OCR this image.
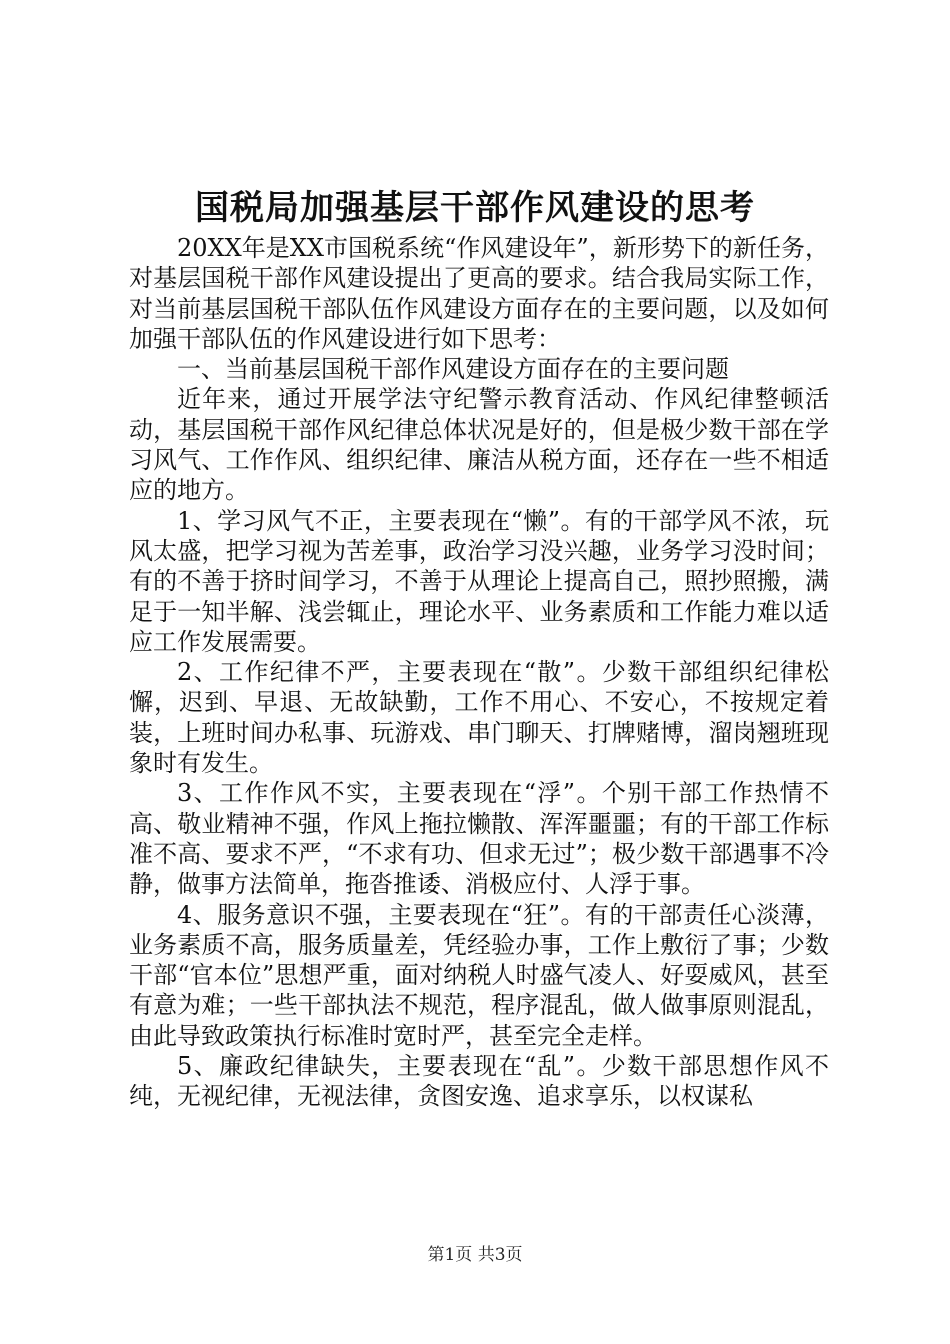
国税局加强基层干部作风建设的思考

20XX年是XX市国税系统“作风建设年”，新形势下的新任务，对基层国税干部作风建设提出了更高的要求。结合我局实际工作，对当前基层国税干部队伍作风建设方面存在的主要问题，以及如何加强干部队伍的作风建设进行如下思考：

一、当前基层国税干部作风建设方面存在的主要问题

近年来，通过开展学法守纪警示教育活动、作风纪律整顿活动，基层国税干部作风纪律总体状况是好的，但是极少数干部在学习风气、工作作风、组织纪律、廉洁从税方面，还存在一些不相适应的地方。

1、学习风气不正，主要表现在“懒”。有的干部学风不浓，玩风太盛，把学习视为苦差事，政治学习没兴趣，业务学习没时间；有的不善于挤时间学习，不善于从理论上提高自己，照抄照搬，满足于一知半解、浅尝辄止，理论水平、业务素质和工作能力难以适应工作发展需要。

2、工作纪律不严，主要表现在“散”。少数干部组织纪律松懈，迟到、早退、无故缺勤，工作不用心、不安心，不按规定着装，上班时间办私事、玩游戏、串门聊天、打牌赌博，溜岗翘班现象时有发生。

3、工作作风不实，主要表现在“浮”。个别干部工作热情不高、敬业精神不强，作风上拖拉懒散、浑浑噩噩；有的干部工作标准不高、要求不严，“不求有功、但求无过”；极少数干部遇事不冷静，做事方法简单，拖沓推诿、消极应付、人浮于事。

4、服务意识不强，主要表现在“狂”。有的干部责任心淡薄，业务素质不高，服务质量差，凭经验办事，工作上敷衍了事；少数干部“官本位”思想严重，面对纳税人时盛气凌人、好耍威风，甚至有意为难；一些干部执法不规范，程序混乱，做人做事原则混乱，由此导致政策执行标准时宽时严，甚至完全走样。

5、廉政纪律缺失，主要表现在“乱”。少数干部思想作风不纯，无视纪律，无视法律，贪图安逸、追求享乐，以权谋私

第1页 共3页
